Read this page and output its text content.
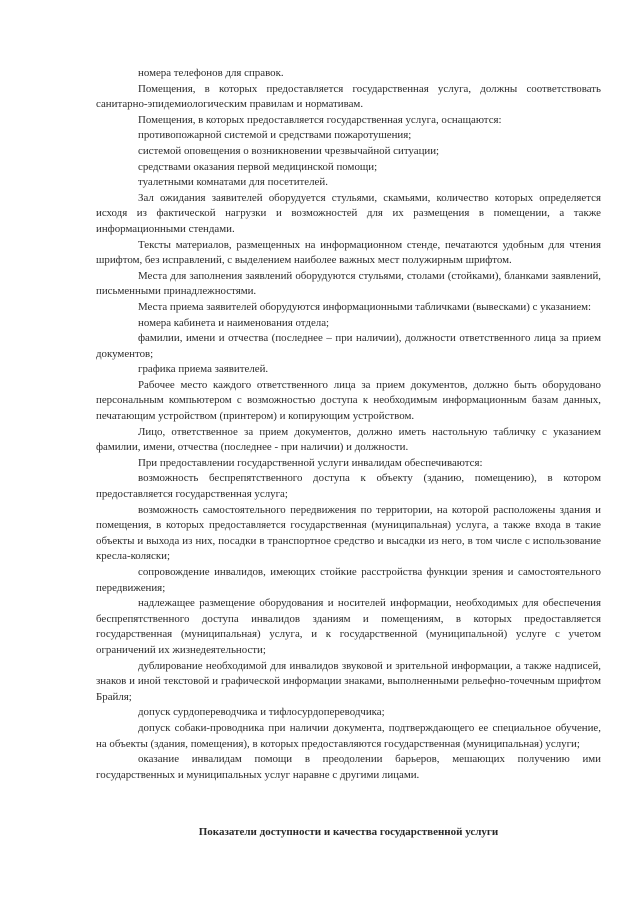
номера телефонов для справок.

Помещения, в которых предоставляется государственная услуга, должны соответствовать санитарно-эпидемиологическим правилам и нормативам.

Помещения, в которых предоставляется государственная услуга, оснащаются:

противопожарной системой и средствами пожаротушения;

системой оповещения о возникновении чрезвычайной ситуации;

средствами оказания первой медицинской помощи;

туалетными комнатами для посетителей.

Зал ожидания заявителей оборудуется стульями, скамьями, количество которых определяется исходя из фактической нагрузки и возможностей для их размещения в помещении, а также информационными стендами.

Тексты материалов, размещенных на информационном стенде, печатаются удобным для чтения шрифтом, без исправлений, с выделением наиболее важных мест полужирным шрифтом.

Места для заполнения заявлений оборудуются стульями, столами (стойками), бланками заявлений, письменными принадлежностями.

Места приема заявителей оборудуются информационными табличками (вывесками) с указанием:

номера кабинета и наименования отдела;

фамилии, имени и отчества (последнее – при наличии), должности ответственного лица за прием документов;

графика приема заявителей.

Рабочее место каждого ответственного лица за прием документов, должно быть оборудовано персональным компьютером с возможностью доступа к необходимым информационным базам данных, печатающим устройством (принтером) и копирующим устройством.

Лицо, ответственное за прием документов, должно иметь настольную табличку с указанием фамилии, имени, отчества (последнее - при наличии) и должности.

При предоставлении государственной услуги инвалидам обеспечиваются:

возможность беспрепятственного доступа к объекту (зданию, помещению), в котором предоставляется государственная услуга;

возможность самостоятельного передвижения по территории, на которой расположены здания и помещения, в которых предоставляется государственная (муниципальная) услуга, а также входа в такие объекты и выхода из них, посадки в транспортное средство и высадки из него, в том числе с использование кресла-коляски;

сопровождение инвалидов, имеющих стойкие расстройства функции зрения и самостоятельного передвижения;

надлежащее размещение оборудования и носителей информации, необходимых для обеспечения беспрепятственного доступа инвалидов зданиям и помещениям, в которых предоставляется государственная (муниципальная) услуга, и к государственной (муниципальной) услуге с учетом ограничений их жизнедеятельности;

дублирование необходимой для инвалидов звуковой и зрительной информации, а также надписей, знаков и иной текстовой и графической информации знаками, выполненными рельефно-точечным шрифтом Брайля;

допуск сурдопереводчика и тифлосурдопереводчика;

допуск собаки-проводника при наличии документа, подтверждающего ее специальное обучение, на объекты (здания, помещения), в которых предоставляются государственная (муниципальная) услуги;

оказание инвалидам помощи в преодолении барьеров, мешающих получению ими государственных и муниципальных услуг наравне с другими лицами.

Показатели доступности и качества государственной услуги
